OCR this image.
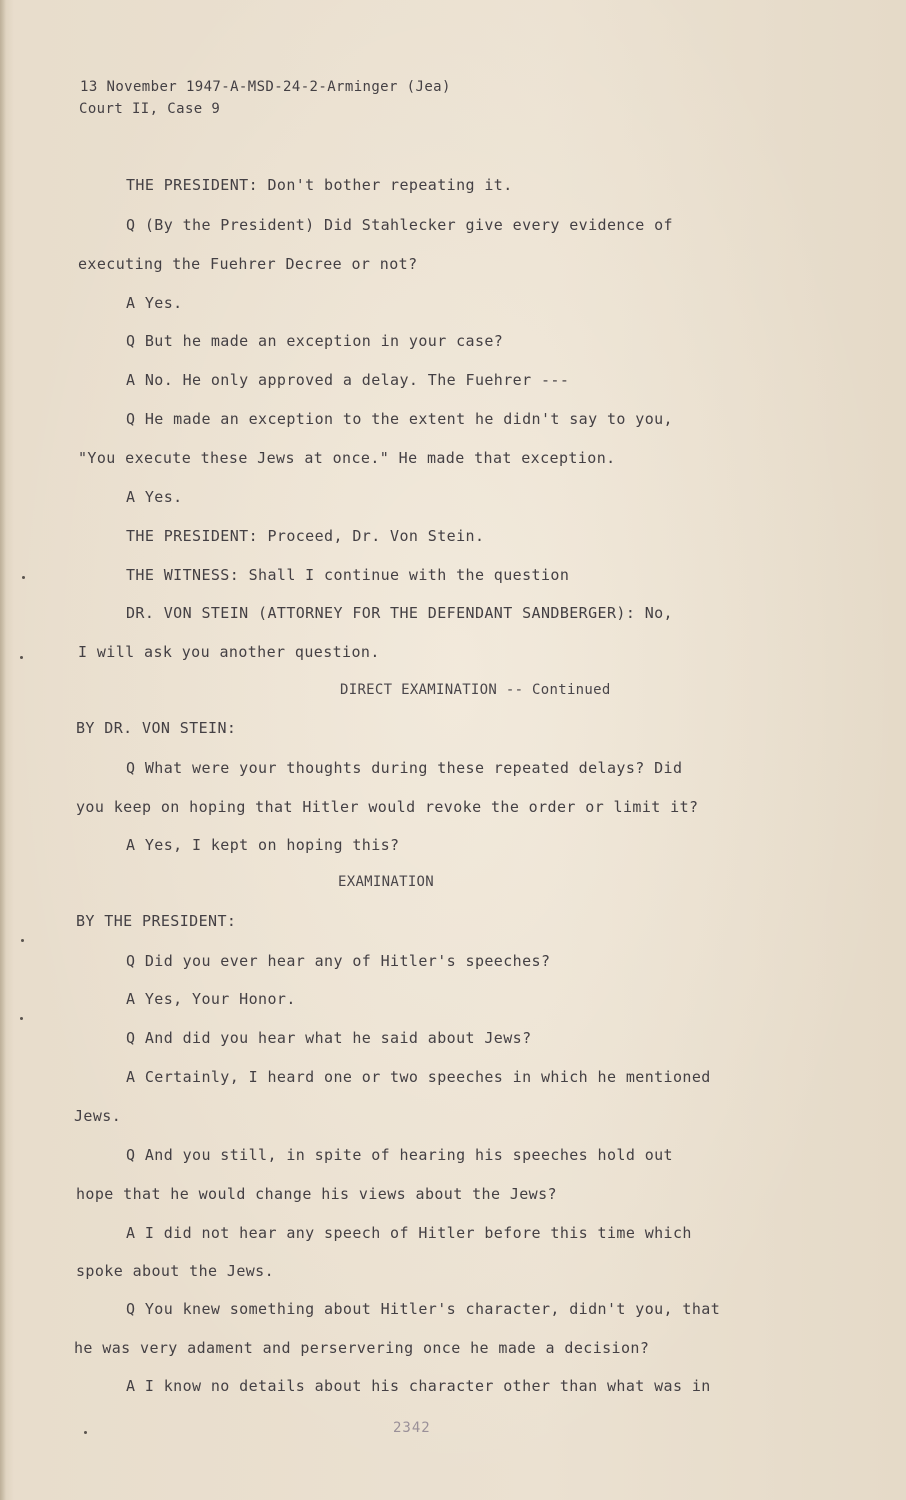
13 November 1947-A-MSD-24-2-Arminger (Jea)
Court II, Case 9
THE PRESIDENT: Don't bother repeating it.
Q (By the President) Did Stahlecker give every evidence of
executing the Fuehrer Decree or not?
A Yes.
Q But he made an exception in your case?
A No. He only approved a delay. The Fuehrer ---
Q He made an exception to the extent he didn't say to you,
"You execute these Jews at once." He made that exception.
A Yes.
THE PRESIDENT: Proceed, Dr. Von Stein.
THE WITNESS: Shall I continue with the question
DR. VON STEIN (ATTORNEY FOR THE DEFENDANT SANDBERGER): No,
I will ask you another question.
DIRECT EXAMINATION -- Continued
BY DR. VON STEIN:
Q What were your thoughts during these repeated delays? Did
you keep on hoping that Hitler would revoke the order or limit it?
A Yes, I kept on hoping this?
EXAMINATION
BY THE PRESIDENT:
Q Did you ever hear any of Hitler's speeches?
A Yes, Your Honor.
Q And did you hear what he said about Jews?
A Certainly, I heard one or two speeches in which he mentioned
Jews.
Q And you still, in spite of hearing his speeches hold out
hope that he would change his views about the Jews?
A I did not hear any speech of Hitler before this time which
spoke about the Jews.
Q You knew something about Hitler's character, didn't you, that
he was very adament and perservering once he made a decision?
A I know no details about his character other than what was in
2342
